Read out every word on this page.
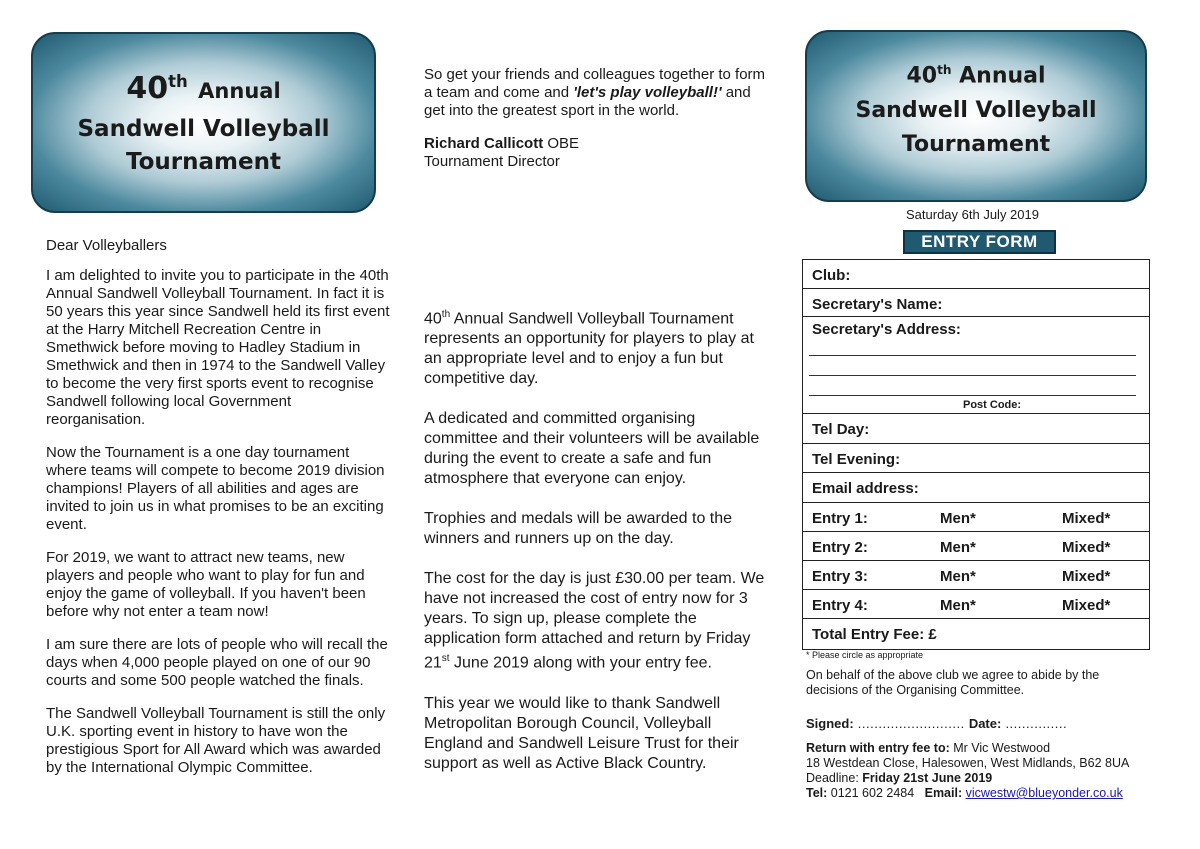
40th Annual
Sandwell Volleyball
Tournament

Dear Volleyballers

I am delighted to invite you to participate in the 40th Annual Sandwell Volleyball Tournament. In fact it is 50 years this year since Sandwell held its first event at the Harry Mitchell Recreation Centre in Smethwick before moving to Hadley Stadium in Smethwick and then in 1974 to the Sandwell Valley to become the very first sports event to recognise Sandwell following local Government reorganisation.

Now the Tournament is a one day tournament where teams will compete to become 2019 division champions! Players of all abilities and ages are invited to join us in what promises to be an exciting event.

For 2019, we want to attract new teams, new players and people who want to play for fun and enjoy the game of volleyball. If you haven't been before why not enter a team now!

I am sure there are lots of people who will recall the days when 4,000 people played on one of our 90 courts and some 500 people watched the finals.

The Sandwell Volleyball Tournament is still the only U.K. sporting event in history to have won the prestigious Sport for All Award which was awarded by the International Olympic Committee.

So get your friends and colleagues together to form a team and come and 'let's play volleyball!' and get into the greatest sport in the world.

Richard Callicott OBE
Tournament Director

40th Annual Sandwell Volleyball Tournament represents an opportunity for players to play at an appropriate level and to enjoy a fun but competitive day.

A dedicated and committed organising committee and their volunteers will be available during the event to create a safe and fun atmosphere that everyone can enjoy.

Trophies and medals will be awarded to the winners and runners up on the day.

The cost for the day is just £30.00 per team. We have not increased the cost of entry now for 3 years. To sign up, please complete the application form attached and return by Friday 21st June 2019 along with your entry fee.

This year we would like to thank Sandwell Metropolitan Borough Council, Volleyball England and Sandwell Leisure Trust for their support as well as Active Black Country.

40th Annual
Sandwell Volleyball
Tournament
Saturday 6th July 2019
ENTRY FORM
Club:
Secretary's Name:
Secretary's Address:
Post Code:
Tel Day:
Tel Evening:
Email address:
Entry 1:	Men*	Mixed*
Entry 2:	Men*	Mixed*
Entry 3:	Men*	Mixed*
Entry 4:	Men*	Mixed*
Total Entry Fee: £
* Please circle as appropriate
On behalf of the above club we agree to abide by the decisions of the Organising Committee.
Signed: .......................... Date: ...............
Return with entry fee to: Mr Vic Westwood
18 Westdean Close, Halesowen, West Midlands, B62 8UA
Deadline: Friday 21st June 2019
Tel: 0121 602 2484 Email: vicwestw@blueyonder.co.uk
